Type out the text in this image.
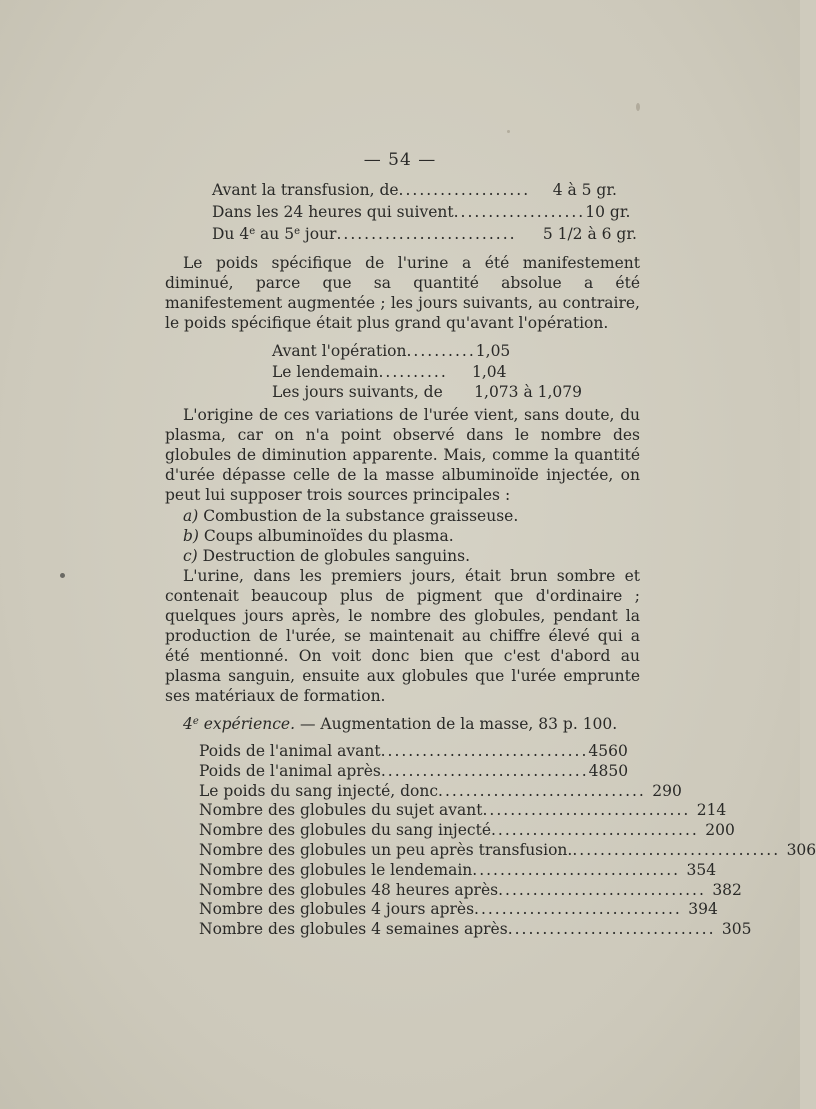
— 54 —
Avant la transfusion, de ...................	4 à 5 gr.
Dans les 24 heures qui suivent ................... 10 gr.
Du 4e au 5e jour ..........................	5 1/2 à 6 gr.
Le poids spécifique de l'urine a été manifestement diminué, parce que sa quantité absolue a été manifestement augmentée ; les jours suivants, au contraire, le poids spécifique était plus grand qu'avant l'opération.
Avant l'opération .......... 1,05
Le lendemain ..........	1,04
Les jours suivants, de 1,073 à 1,079
L'origine de ces variations de l'urée vient, sans doute, du plasma, car on n'a point observé dans le nombre des globules de diminution apparente. Mais, comme la quantité d'urée dépasse celle de la masse albuminoïde injectée, on peut lui supposer trois sources principales :
a) Combustion de la substance graisseuse.
b) Coups albuminoïdes du plasma.
c) Destruction de globules sanguins.
L'urine, dans les premiers jours, était brun sombre et contenait beaucoup plus de pigment que d'ordinaire ; quelques jours après, le nombre des globules, pendant la production de l'urée, se maintenait au chiffre élevé qui a été mentionné. On voit donc bien que c'est d'abord au plasma sanguin, ensuite aux globules que l'urée emprunte ses matériaux de formation.
4e expérience. — Augmentation de la masse, 83 p. 100.
Poids de l'animal avant .............................. 4560
Poids de l'animal après .............................. 4850
Le poids du sang injecté, donc .............................. 290
Nombre des globules du sujet avant .............................. 214
Nombre des globules du sang injecté .............................. 200
Nombre des globules un peu après transfusion. .............................. 306
Nombre des globules le lendemain .............................. 354
Nombre des globules 48 heures après .............................. 382
Nombre des globules 4 jours après .............................. 394
Nombre des globules 4 semaines après .............................. 305
